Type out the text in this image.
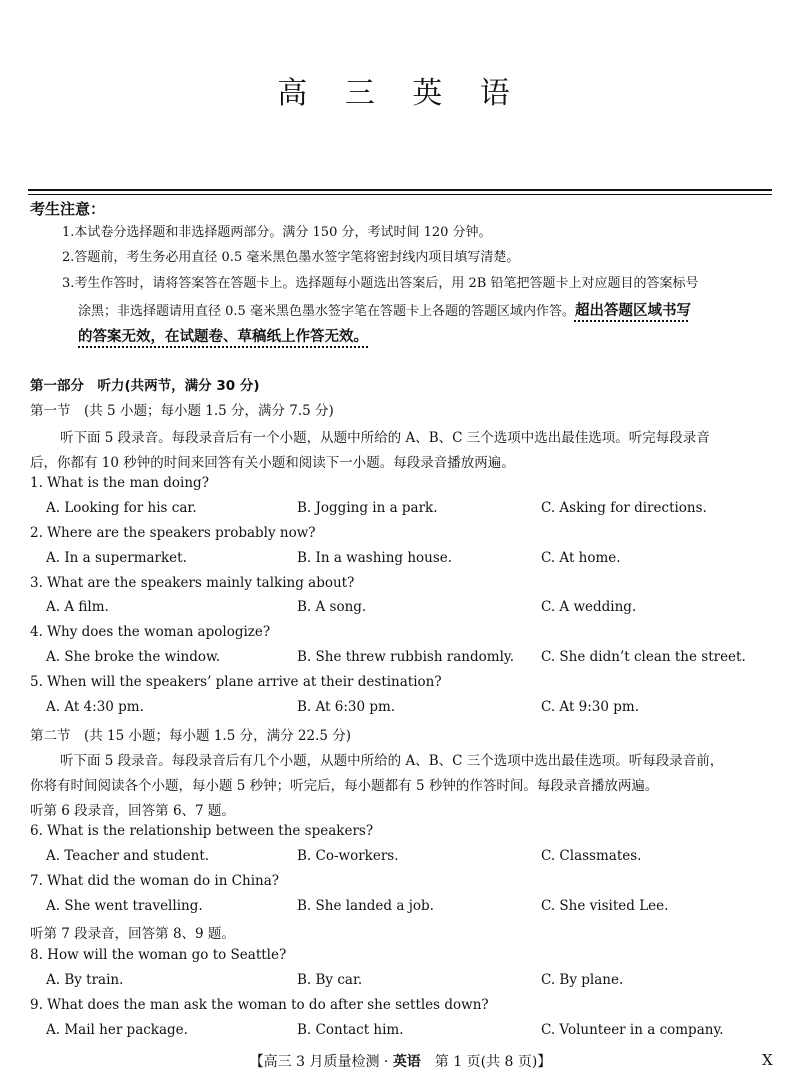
高 三 英 语
考生注意：
1.本试卷分选择题和非选择题两部分。满分 150 分，考试时间 120 分钟。
2.答题前，考生务必用直径 0.5 毫米黑色墨水签字笔将密封线内项目填写清楚。
3.考生作答时，请将答案答在答题卡上。选择题每小题选出答案后，用 2B 铅笔把答题卡上对应题目的答案标号
涂黑；非选择题请用直径 0.5 毫米黑色墨水签字笔在答题卡上各题的答题区域内作答。超出答题区域书写
的答案无效，在试题卷、草稿纸上作答无效。
第一部分　听力(共两节，满分 30 分)
第一节　(共 5 小题；每小题 1.5 分，满分 7.5 分)
听下面 5 段录音。每段录音后有一个小题，从题中所给的 A、B、C 三个选项中选出最佳选项。听完每段录音
后，你都有 10 秒钟的时间来回答有关小题和阅读下一小题。每段录音播放两遍。
1. What is the man doing?
A. Looking for his car.	B. Jogging in a park.	C. Asking for directions.
2. Where are the speakers probably now?
A. In a supermarket.	B. In a washing house.	C. At home.
3. What are the speakers mainly talking about?
A. A film.	B. A song.	C. A wedding.
4. Why does the woman apologize?
A. She broke the window.	B. She threw rubbish randomly. C. She didn’t clean the street.
5. When will the speakers’ plane arrive at their destination?
A. At 4:30 pm.	B. At 6:30 pm.	C. At 9:30 pm.
第二节　(共 15 小题；每小题 1.5 分，满分 22.5 分)
听下面 5 段录音。每段录音后有几个小题，从题中所给的 A、B、C 三个选项中选出最佳选项。听每段录音前，
你将有时间阅读各个小题，每小题 5 秒钟；听完后，每小题都有 5 秒钟的作答时间。每段录音播放两遍。
听第 6 段录音，回答第 6、7 题。
6. What is the relationship between the speakers?
A. Teacher and student.	B. Co-workers.	C. Classmates.
7. What did the woman do in China?
A. She went travelling.	B. She landed a job.	C. She visited Lee.
听第 7 段录音，回答第 8、9 题。
8. How will the woman go to Seattle?
A. By train.	B. By car.	C. By plane.
9. What does the man ask the woman to do after she settles down?
A. Mail her package.	B. Contact him.	C. Volunteer in a company.
【高三 3 月质量检测 · 英语　第 1 页(共 8 页)】	X
